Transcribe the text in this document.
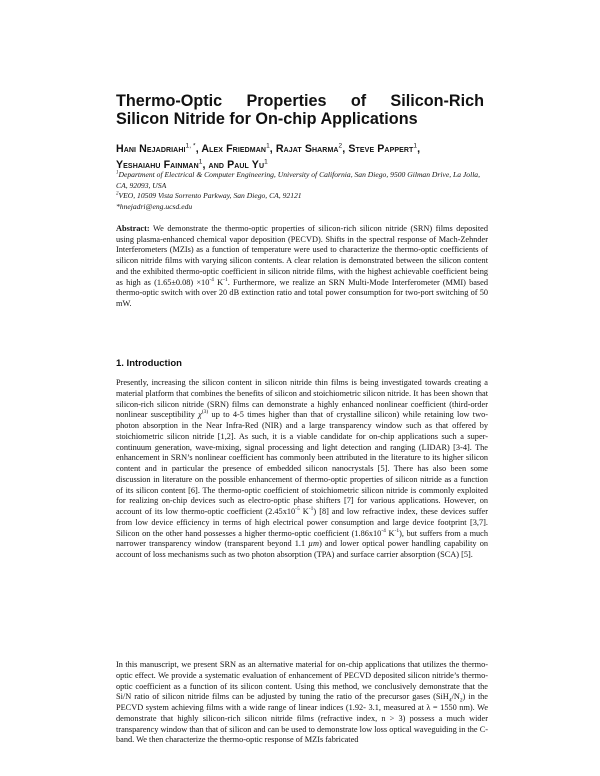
Thermo-Optic Properties of Silicon-Rich
Silicon Nitride for On-chip Applications
Hani Nejadriahi$^{1, *}$, Alex Friedman$^1$, Rajat Sharma$^2$, Steve Pappert$^1$,
Yeshaiahu Fainman$^1$, and Paul Yu$^1$
$^1$Department of Electrical & Computer Engineering, University of California, San Diego, 9500 Gilman Drive, La Jolla, CA, 92093, USA
$^2$VEO, 10509 Vista Sorrento Parkway, San Diego, CA, 92121
*hnejadri@eng.ucsd.edu

Abstract: We demonstrate the thermo-optic properties of silicon-rich silicon nitride (SRN) films deposited using plasma-enhanced chemical vapor deposition (PECVD). Shifts in the spectral response of Mach-Zehnder Interferometers (MZIs) as a function of temperature were used to characterize the thermo-optic coefficients of silicon nitride films with varying silicon contents. A clear relation is demonstrated between the silicon content and the exhibited thermo-optic coefficient in silicon nitride films, with the highest achievable coefficient being as high as $(1.65\pm 0.08) \times 10^{-4}$ $K^{-1}$. Furthermore, we realize an SRN Multi-Mode Interferometer (MMI) based thermo-optic switch with over 20 dB extinction ratio and total power consumption for two-port switching of 50 mW.

1. Introduction

Presently, increasing the silicon content in silicon nitride thin films is being investigated towards creating a material platform that combines the benefits of silicon and stoichiometric silicon nitride. It has been shown that silicon-rich silicon nitride (SRN) films can demonstrate a highly enhanced nonlinear coefficient (third-order nonlinear susceptibility $\chi^{(3)}$ up to 4-5 times higher than that of crystalline silicon) while retaining low two-photon absorption in the Near Infra-Red (NIR) and a large transparency window such as that offered by stoichiometric silicon nitride [1,2]. As such, it is a viable candidate for on-chip applications such a super-continuum generation, wave-mixing, signal processing and light detection and ranging (LIDAR) [3-4]. The enhancement in SRN’s nonlinear coefficient has commonly been attributed in the literature to its higher silicon content and in particular the presence of embedded silicon nanocrystals [5]. There has also been some discussion in literature on the possible enhancement of thermo-optic properties of silicon nitride as a function of its silicon content [6]. The thermo-optic coefficient of stoichiometric silicon nitride is commonly exploited for realizing on-chip devices such as electro-optic phase shifters [7] for various applications. However, on account of its low thermo-optic coefficient ($2.45x10^{-5}$ $K^{-1}$) [8] and low refractive index, these devices suffer from low device efficiency in terms of high electrical power consumption and large device footprint [3,7]. Silicon on the other hand possesses a higher thermo-optic coefficient ($1.86x10^{-4}$ $K^{-1}$), but suffers from a much narrower transparency window (transparent beyond 1.1 µm) and lower optical power handling capability on account of loss mechanisms such as two photon absorption (TPA) and surface carrier absorption (SCA) [5].

In this manuscript, we present SRN as an alternative material for on-chip applications that utilizes the thermo-optic effect. We provide a systematic evaluation of enhancement of PECVD deposited silicon nitride’s thermo-optic coefficient as a function of its silicon content. Using this method, we conclusively demonstrate that the Si/N ratio of silicon nitride films can be adjusted by tuning the ratio of the precursor gases $(SiH_4/N_2)$ in the PECVD system achieving films with a wide range of linear indices (1.92- 3.1, measured at λ = 1550 nm). We demonstrate that highly silicon-rich silicon nitride films (refractive index, n > 3) possess a much wider transparency window than that of silicon and can be used to demonstrate low loss optical waveguiding in the C-band. We then characterize the thermo-optic response of MZIs fabricated
